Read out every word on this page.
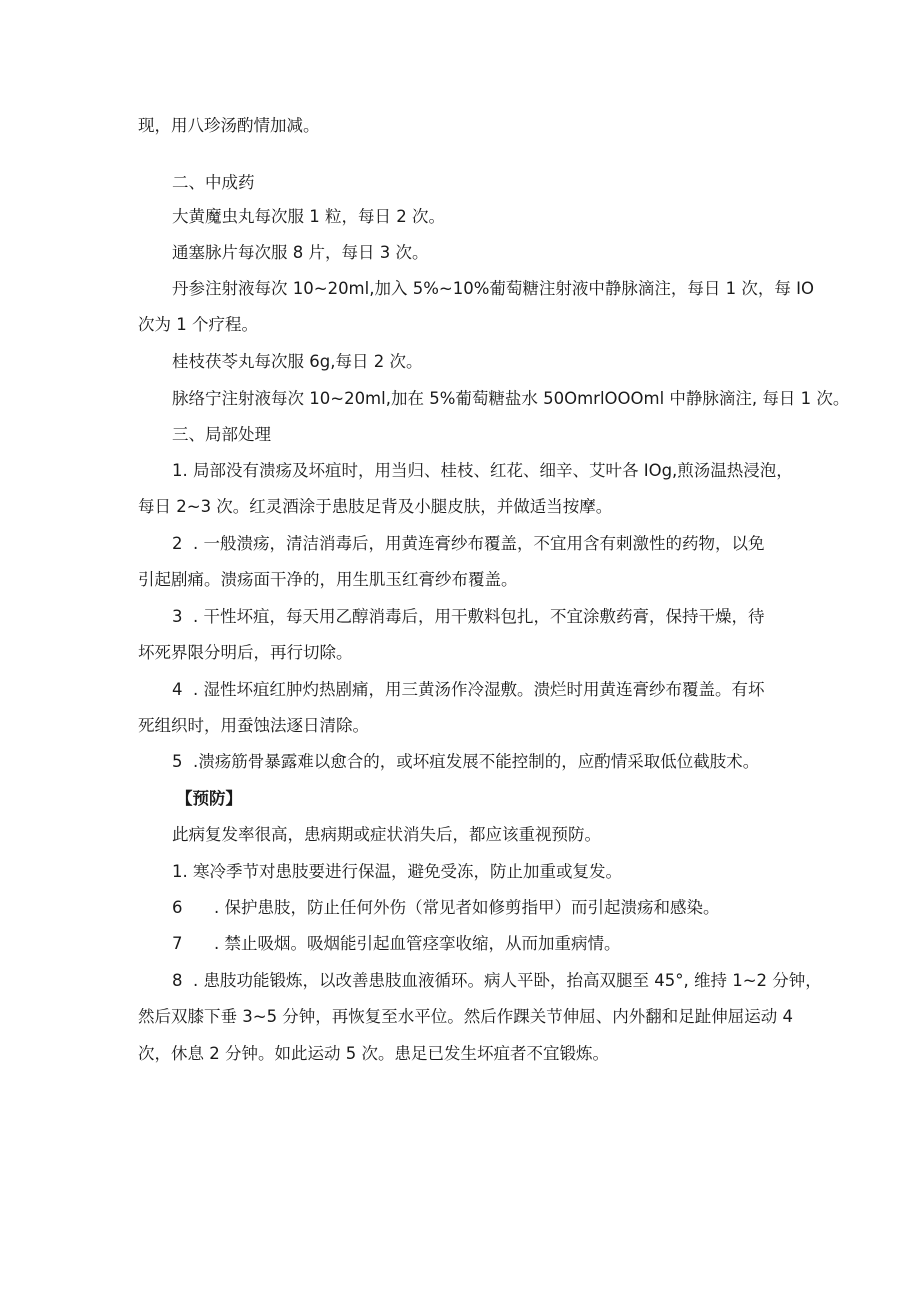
现，用八珍汤酌情加减。

二、中成药

大黄魔虫丸每次服 1 粒，每日 2 次。

通塞脉片每次服 8 片，每日 3 次。

丹参注射液每次 10~20ml,加入 5%~10%葡萄糖注射液中静脉滴注，每日 1 次，每 IO

次为 1 个疗程。

桂枝茯苓丸每次服 6g,每日 2 次。

脉络宁注射液每次 10~20ml,加在 5%葡萄糖盐水 50OmrlOOOml 中静脉滴注, 每日 1 次。

三、局部处理

1. 局部没有溃疡及坏疽时，用当归、桂枝、红花、细辛、艾叶各 IOg,煎汤温热浸泡，

每日 2~3 次。红灵酒涂于患肢足背及小腿皮肤，并做适当按摩。

2  . 一般溃疡，清洁消毒后，用黄连膏纱布覆盖，不宜用含有刺激性的药物，以免

引起剧痛。溃疡面干净的，用生肌玉红膏纱布覆盖。

3  . 干性坏疽，每天用乙醇消毒后，用干敷料包扎，不宜涂敷药膏，保持干燥，待

坏死界限分明后，再行切除。

4  . 湿性坏疽红肿灼热剧痛，用三黄汤作冷湿敷。溃烂时用黄连膏纱布覆盖。有坏

死组织时，用蚕蚀法逐日清除。

5  .溃疡筋骨暴露难以愈合的，或坏疽发展不能控制的，应酌情采取低位截肢术。

【预防】

此病复发率很高，患病期或症状消失后，都应该重视预防。

1. 寒冷季节对患肢要进行保温，避免受冻，防止加重或复发。

6      . 保护患肢，防止任何外伤（常见者如修剪指甲）而引起溃疡和感染。

7      . 禁止吸烟。吸烟能引起血管痉挛收缩，从而加重病情。

8  . 患肢功能锻炼，以改善患肢血液循环。病人平卧，抬高双腿至 45°, 维持 1~2 分钟，

然后双膝下垂 3~5 分钟，再恢复至水平位。然后作踝关节伸屈、内外翻和足趾伸屈运动 4

次，休息 2 分钟。如此运动 5 次。患足已发生坏疽者不宜锻炼。
